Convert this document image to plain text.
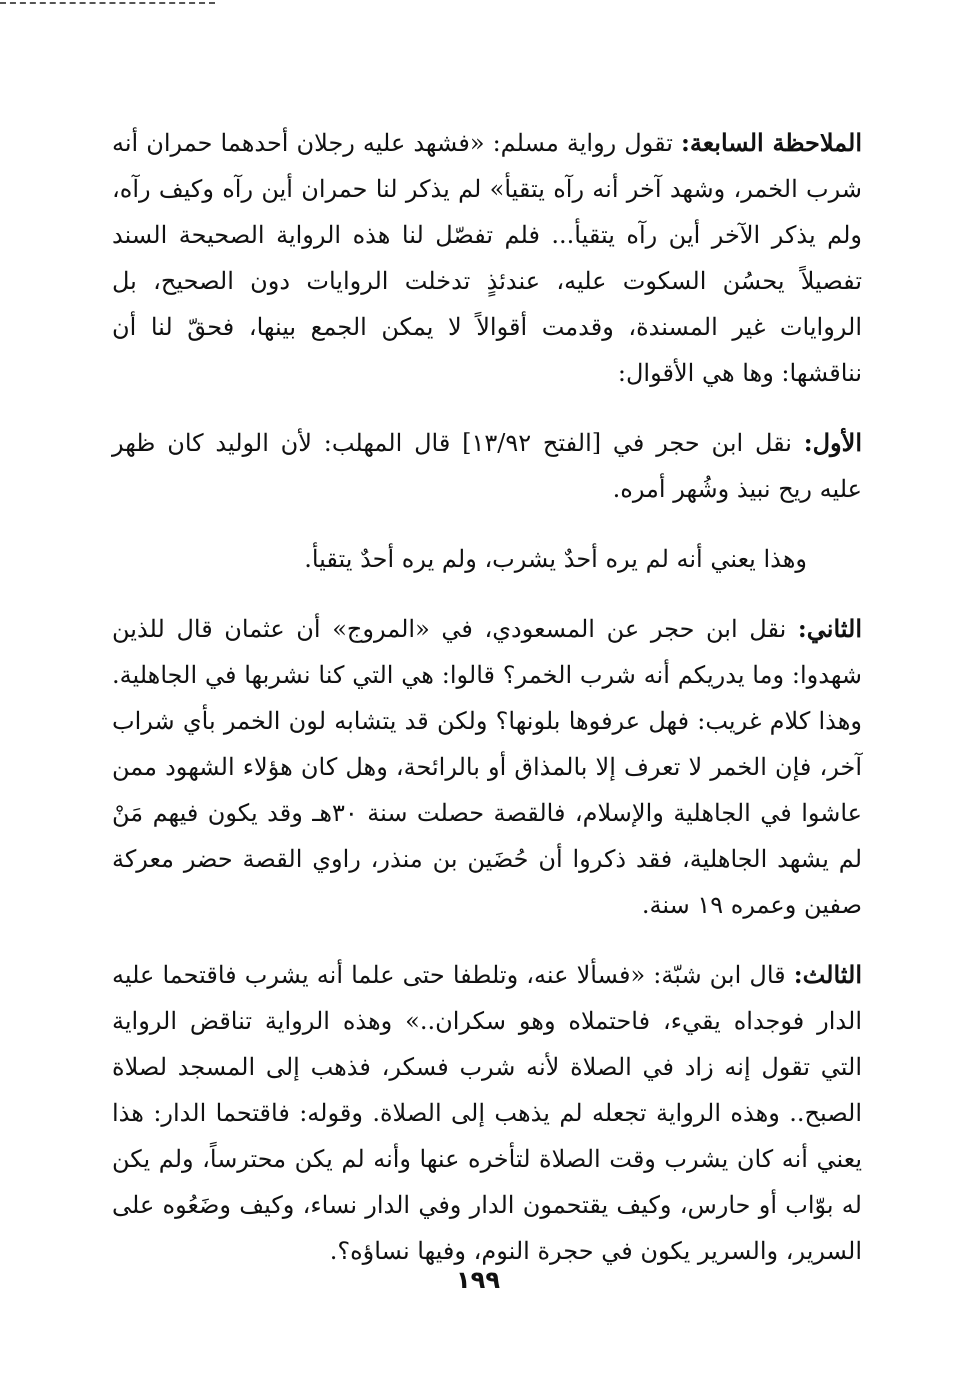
الملاحظة السابعة: تقول رواية مسلم: «فشهد عليه رجلان أحدهما حمران أنه شرب الخمر، وشهد آخر أنه رآه يتقيأ» لم يذكر لنا حمران أين رآه وكيف رآه، ولم يذكر الآخر أين رآه يتقيأ... فلم تفصّل لنا هذه الرواية الصحيحة السند تفصيلاً يحسُن السكوت عليه، عندئذٍ تدخلت الروايات دون الصحيح، بل الروايات غير المسندة، وقدمت أقوالاً لا يمكن الجمع بينها، فحقّ لنا أن نناقشها: وها هي الأقوال:

الأول: نقل ابن حجر في [الفتح ١٣/٩٢] قال المهلب: لأن الوليد كان ظهر عليه ريح نبيذ وشُهر أمره.

وهذا يعني أنه لم يره أحدٌ يشرب، ولم يره أحدٌ يتقيأ.

الثاني: نقل ابن حجر عن المسعودي، في «المروج» أن عثمان قال للذين شهدوا: وما يدريكم أنه شرب الخمر؟ قالوا: هي التي كنا نشربها في الجاهلية. وهذا كلام غريب: فهل عرفوها بلونها؟ ولكن قد يتشابه لون الخمر بأي شراب آخر، فإن الخمر لا تعرف إلا بالمذاق أو بالرائحة، وهل كان هؤلاء الشهود ممن عاشوا في الجاهلية والإسلام، فالقصة حصلت سنة ٣٠هـ وقد يكون فيهم مَنْ لم يشهد الجاهلية، فقد ذكروا أن حُضَين بن منذر، راوي القصة حضر معركة صفين وعمره ١٩ سنة.

الثالث: قال ابن شبّة: «فسألا عنه، وتلطفا حتى علما أنه يشرب فاقتحما عليه الدار فوجداه يقيء، فاحتملاه وهو سكران..» وهذه الرواية تناقض الرواية التي تقول إنه زاد في الصلاة لأنه شرب فسكر، فذهب إلى المسجد لصلاة الصبح.. وهذه الرواية تجعله لم يذهب إلى الصلاة. وقوله: فاقتحما الدار: هذا يعني أنه كان يشرب وقت الصلاة لتأخره عنها وأنه لم يكن محترساً، ولم يكن له بوّاب أو حارس، وكيف يقتحمون الدار وفي الدار نساء، وكيف وضَعُوه على السرير، والسرير يكون في حجرة النوم، وفيها نساؤه؟.

١٩٩
